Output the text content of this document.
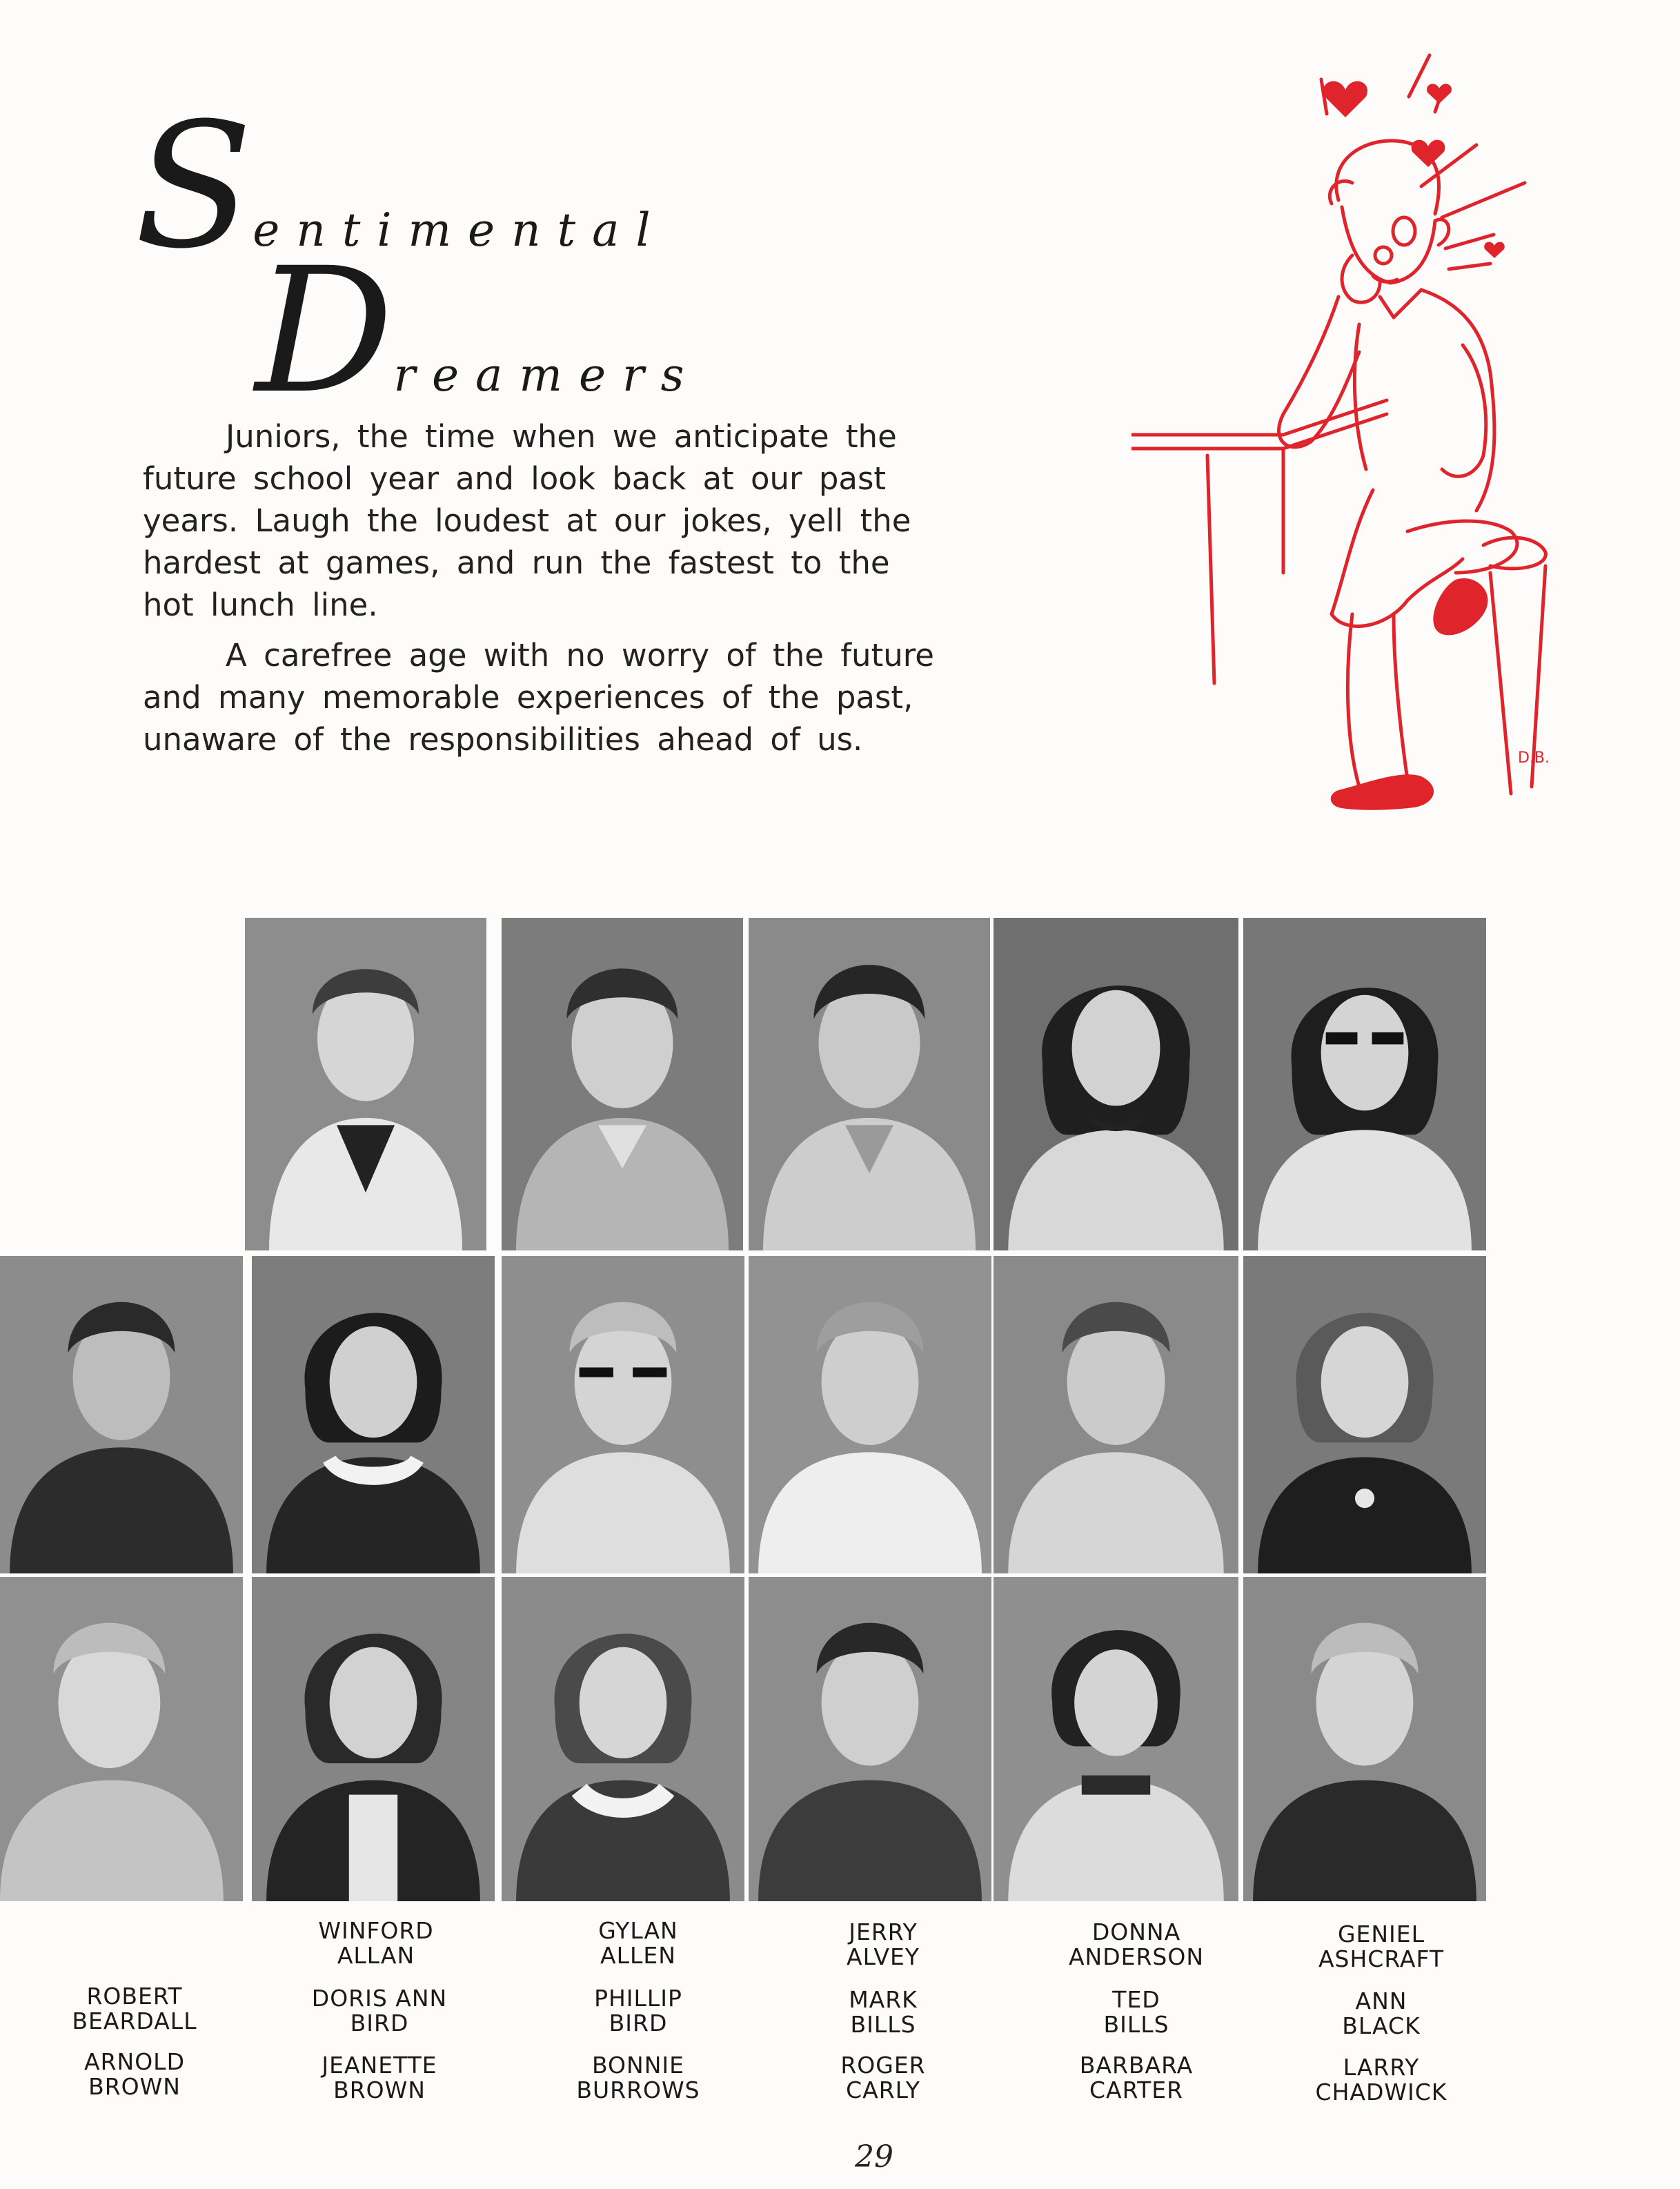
Sentimental
Dreamers

Juniors, the time when we anticipate the future school year and look back at our past years. Laugh the loudest at our jokes, yell the hardest at games, and run the fastest to the hot lunch line.

A carefree age with no worry of the future and many memorable experiences of the past, unaware of the responsibilities ahead of us.

D.B.
WINFORD
ALLAN
GYLAN
ALLEN
JERRY
ALVEY
DONNA
ANDERSON
GENIEL
ASHCRAFT
ROBERT
BEARDALL
DORIS ANN
BIRD
PHILLIP
BIRD
MARK
BILLS
TED
BILLS
ANN
BLACK
ARNOLD
BROWN
JEANETTE
BROWN
BONNIE
BURROWS
ROGER
CARLY
BARBARA
CARTER
LARRY
CHADWICK
29
